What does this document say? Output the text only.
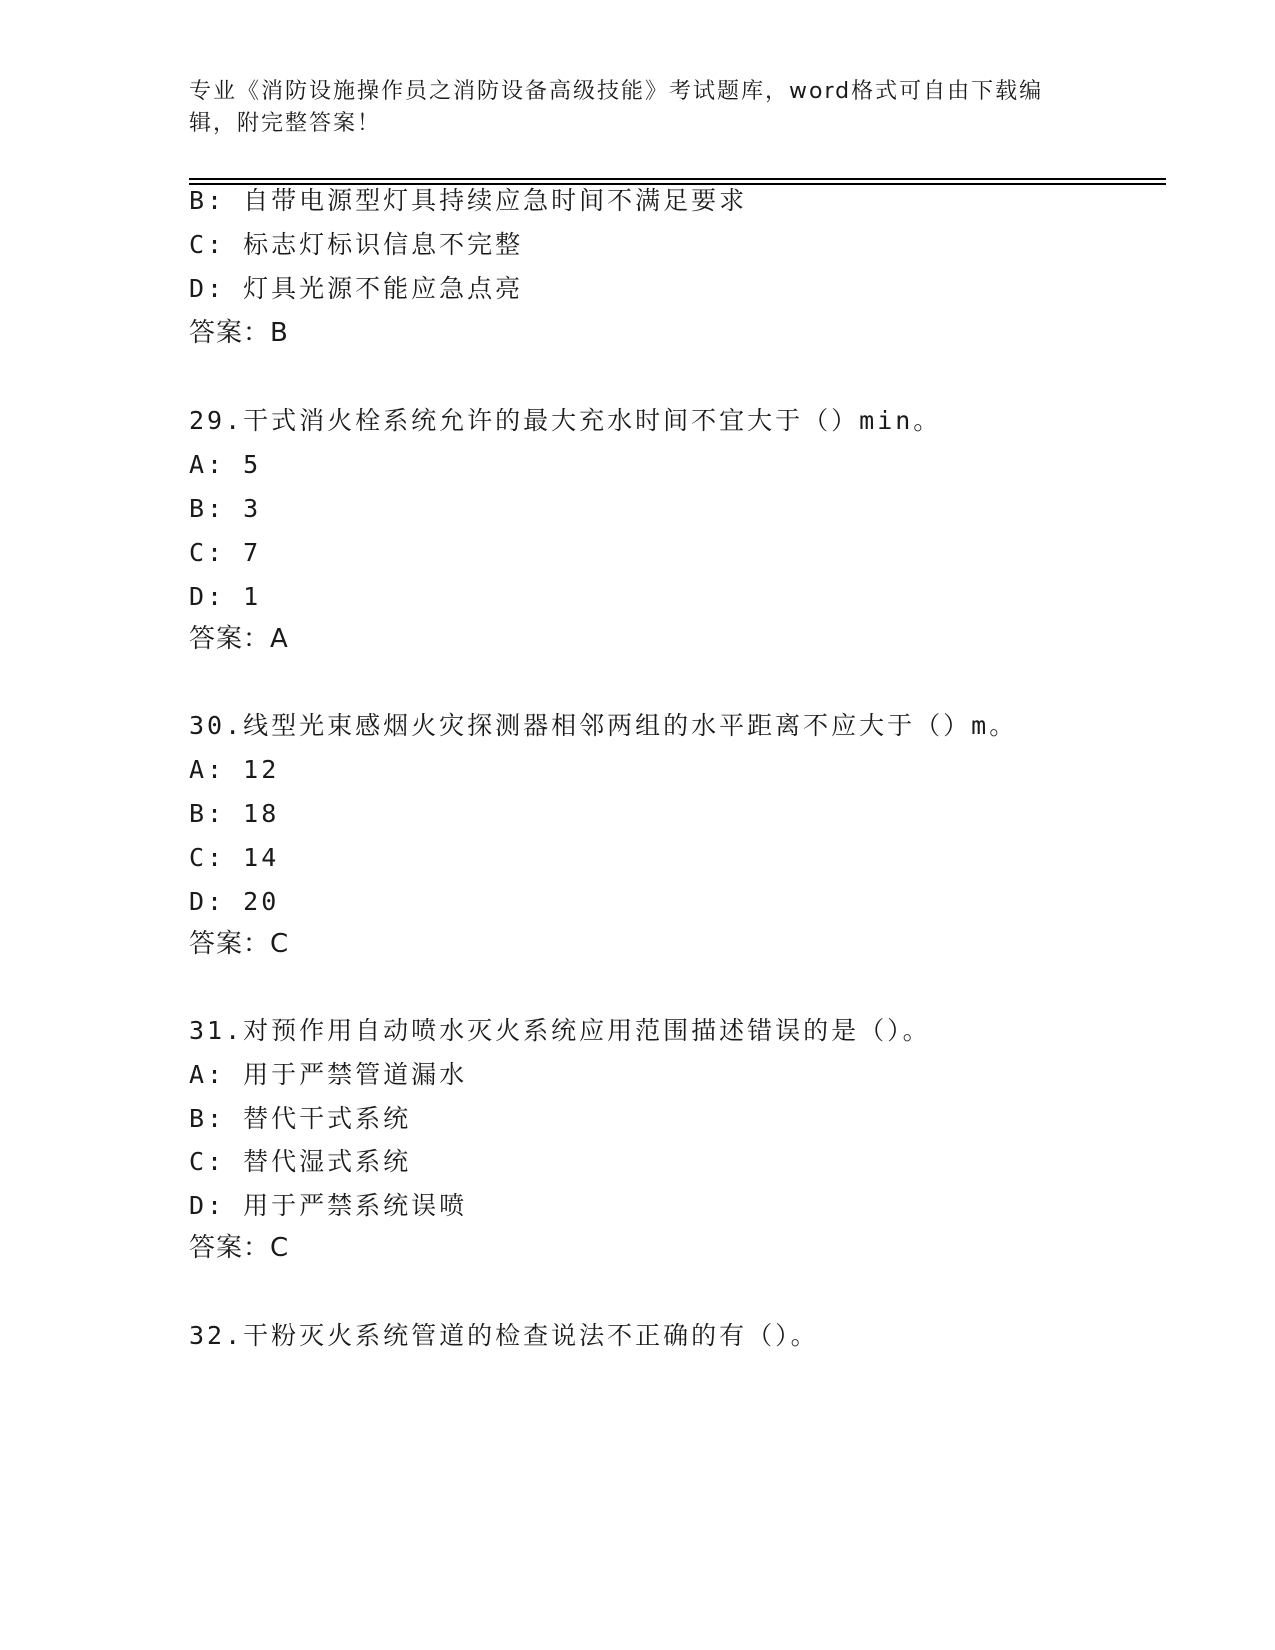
专业《消防设施操作员之消防设备高级技能》考试题库，word格式可自由下载编
辑，附完整答案！
B: 自带电源型灯具持续应急时间不满足要求
C: 标志灯标识信息不完整
D: 灯具光源不能应急点亮
答案：B
29.干式消火栓系统允许的最大充水时间不宜大于（）min。
A: 5
B: 3
C: 7
D: 1
答案：A
30.线型光束感烟火灾探测器相邻两组的水平距离不应大于（）m。
A: 12
B: 18
C: 14
D: 20
答案：C
31.对预作用自动喷水灭火系统应用范围描述错误的是（）。
A: 用于严禁管道漏水
B: 替代干式系统
C: 替代湿式系统
D: 用于严禁系统误喷
答案：C
32.干粉灭火系统管道的检查说法不正确的有（）。
